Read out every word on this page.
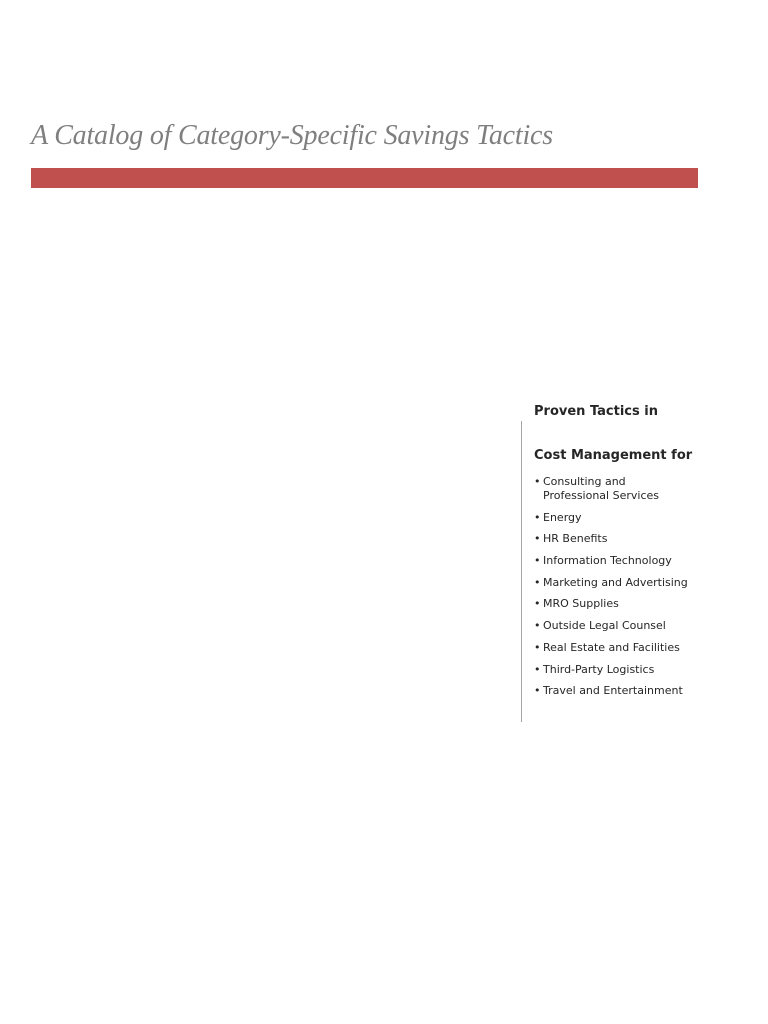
A Catalog of Category-Specific Savings Tactics
Proven Tactics in
Cost Management for
• Consulting and Professional Services
• Energy
• HR Benefits
• Information Technology
• Marketing and Advertising
• MRO Supplies
• Outside Legal Counsel
• Real Estate and Facilities
• Third-Party Logistics
• Travel and Entertainment
